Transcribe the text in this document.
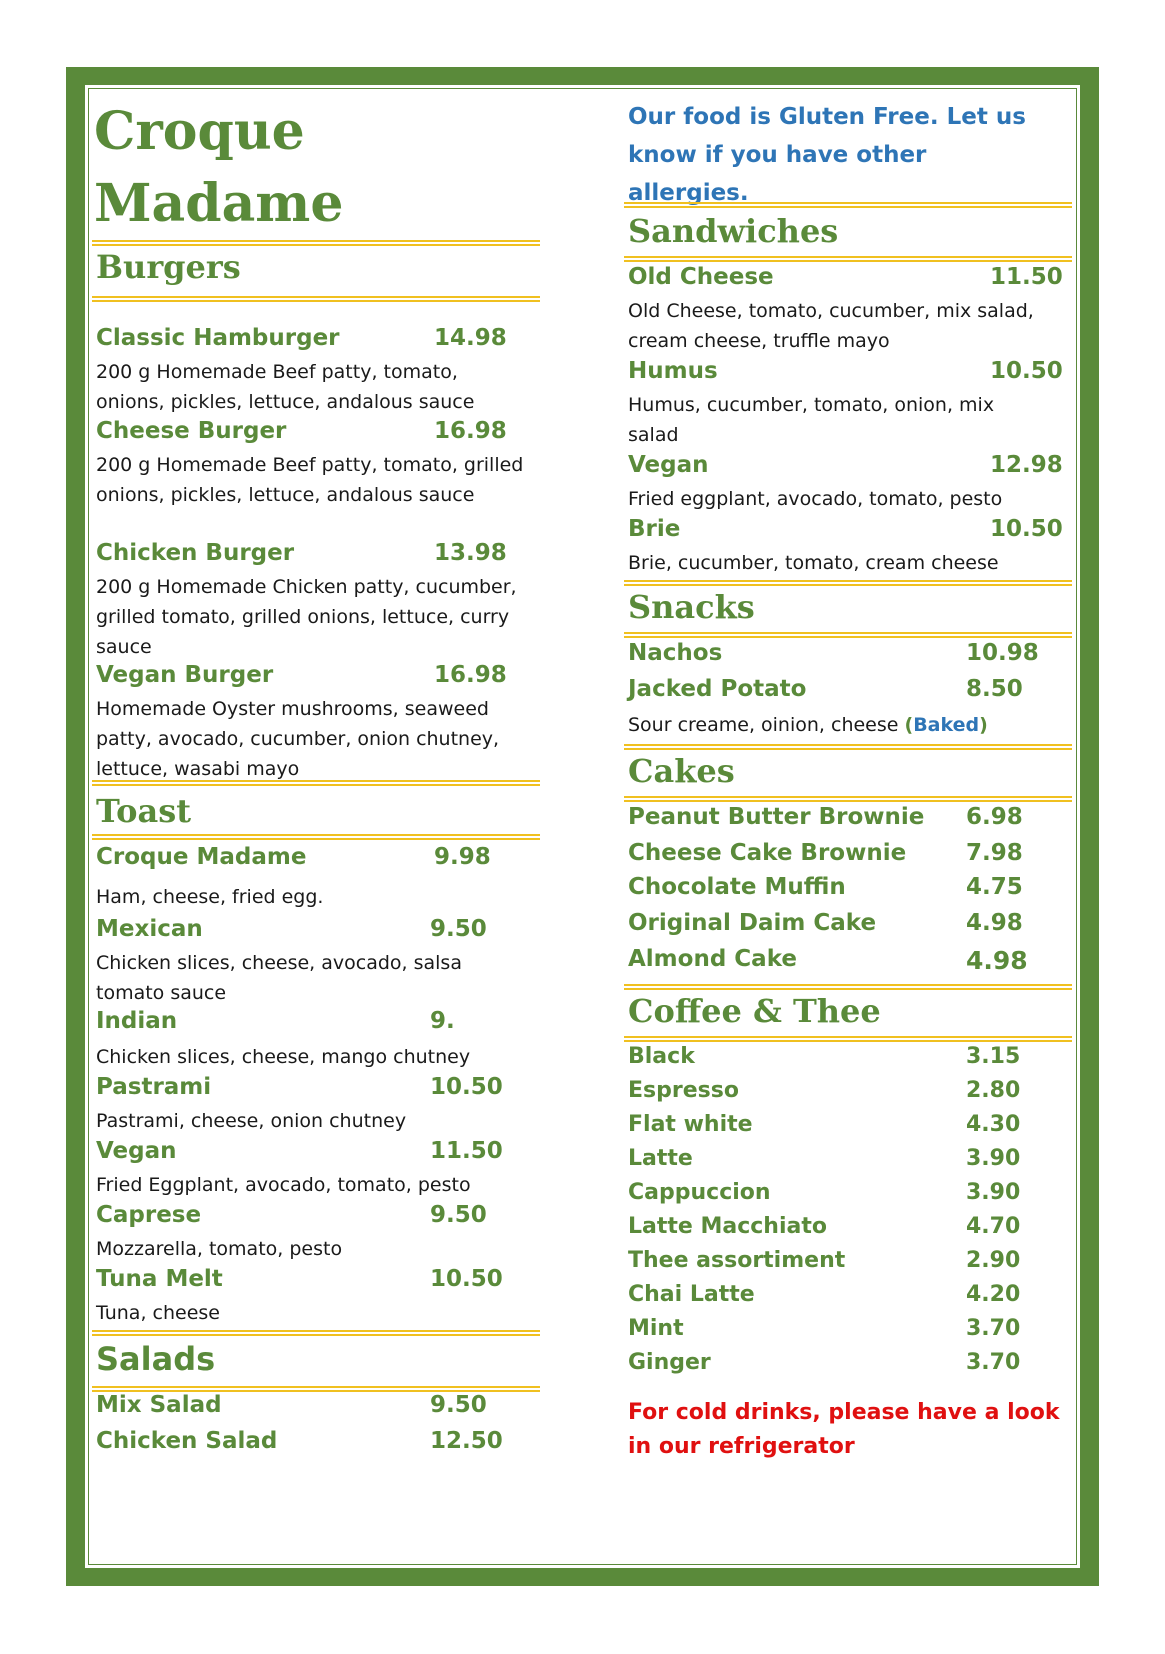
Croque
Madame
Burgers
Classic Hamburger	14.98
200 g Homemade Beef patty, tomato, onions, pickles, lettuce, andalous sauce
Cheese Burger	16.98
200 g Homemade Beef patty, tomato, grilled onions, pickles, lettuce, andalous sauce
Chicken Burger	13.98
200 g Homemade Chicken patty, cucumber, grilled tomato, grilled onions, lettuce, curry sauce
Vegan Burger	16.98
Homemade Oyster mushrooms, seaweed patty, avocado, cucumber, onion chutney, lettuce, wasabi mayo
Toast
Croque Madame	9.98
Ham, cheese, fried egg.
Mexican	9.50
Chicken slices, cheese, avocado, salsa tomato sauce
Indian	9.
Chicken slices, cheese, mango chutney
Pastrami	10.50
Pastrami, cheese, onion chutney
Vegan	11.50
Fried Eggplant, avocado, tomato, pesto
Caprese	9.50
Mozzarella, tomato, pesto
Tuna Melt	10.50
Tuna, cheese
Salads
Mix Salad	9.50
Chicken Salad	12.50
Our food is Gluten Free. Let us know if you have other allergies.
Sandwiches
Old Cheese	11.50
Old Cheese, tomato, cucumber, mix salad, cream cheese, truffle mayo
Humus	10.50
Humus, cucumber, tomato, onion, mix salad
Vegan	12.98
Fried eggplant, avocado, tomato, pesto
Brie	10.50
Brie, cucumber, tomato, cream cheese
Snacks
Nachos	10.98
Jacked Potato	8.50
Sour creame, oinion, cheese (Baked)
Cakes
Peanut Butter Brownie 6.98
Cheese Cake Brownie	7.98
Chocolate Muffin	4.75
Original Daim Cake	4.98
Almond Cake	4.98
Coffee & Thee
Black	3.15
Espresso	2.80
Flat white	4.30
Latte	3.90
Cappuccion	3.90
Latte Macchiato	4.70
Thee assortiment	2.90
Chai Latte	4.20
Mint	3.70
Ginger	3.70
For cold drinks, please have a look in our refrigerator
